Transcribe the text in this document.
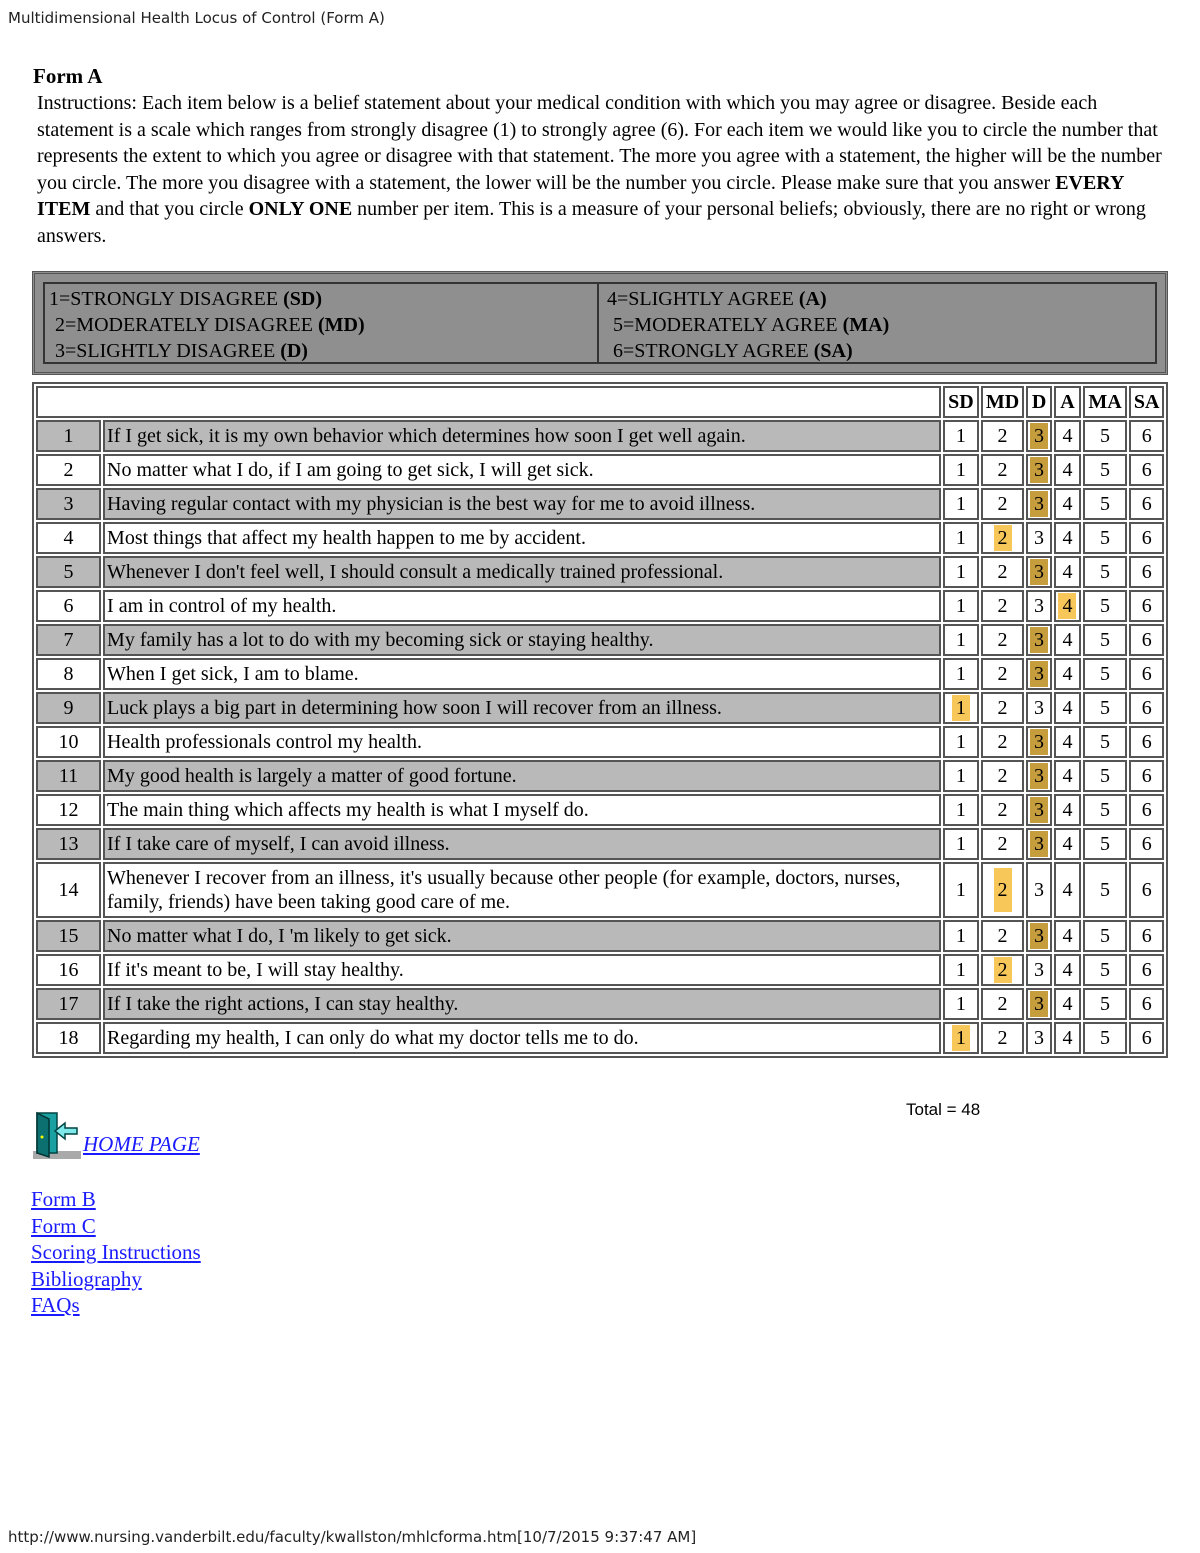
Multidimensional Health Locus of Control (Form A)
Form A
Instructions: Each item below is a belief statement about your medical condition with which you may agree or disagree. Beside each statement is a scale which ranges from strongly disagree (1) to strongly agree (6). For each item we would like you to circle the number that represents the extent to which you agree or disagree with that statement. The more you agree with a statement, the higher will be the number you circle. The more you disagree with a statement, the lower will be the number you circle. Please make sure that you answer EVERY ITEM and that you circle ONLY ONE number per item. This is a measure of your personal beliefs; obviously, there are no right or wrong answers.
1=STRONGLY DISAGREE (SD)
2=MODERATELY DISAGREE (MD)
3=SLIGHTLY DISAGREE (D)
4=SLIGHTLY AGREE (A)
5=MODERATELY AGREE (MA)
6=STRONGLY AGREE (SA)
		SD	MD	D	A	MA	SA
1	If I get sick, it is my own behavior which determines how soon I get well again.	1	2	3	4	5	6
2	No matter what I do, if I am going to get sick, I will get sick.	1	2	3	4	5	6
3	Having regular contact with my physician is the best way for me to avoid illness.	1	2	3	4	5	6
4	Most things that affect my health happen to me by accident.	1	2	3	4	5	6
5	Whenever I don't feel well, I should consult a medically trained professional.	1	2	3	4	5	6
6	I am in control of my health.	1	2	3	4	5	6
7	My family has a lot to do with my becoming sick or staying healthy.	1	2	3	4	5	6
8	When I get sick, I am to blame.	1	2	3	4	5	6
9	Luck plays a big part in determining how soon I will recover from an illness.	1	2	3	4	5	6
10	Health professionals control my health.	1	2	3	4	5	6
11	My good health is largely a matter of good fortune.	1	2	3	4	5	6
12	The main thing which affects my health is what I myself do.	1	2	3	4	5	6
13	If I take care of myself, I can avoid illness.	1	2	3	4	5	6
14	Whenever I recover from an illness, it's usually because other people (for example, doctors, nurses, family, friends) have been taking good care of me.	1	2	3	4	5	6
15	No matter what I do, I 'm likely to get sick.	1	2	3	4	5	6
16	If it's meant to be, I will stay healthy.	1	2	3	4	5	6
17	If I take the right actions, I can stay healthy.	1	2	3	4	5	6
18	Regarding my health, I can only do what my doctor tells me to do.	1	2	3	4	5	6
Total = 48
HOME PAGE
Form B
Form C
Scoring Instructions
Bibliography
FAQs
http://www.nursing.vanderbilt.edu/faculty/kwallston/mhlcforma.htm[10/7/2015 9:37:47 AM]
